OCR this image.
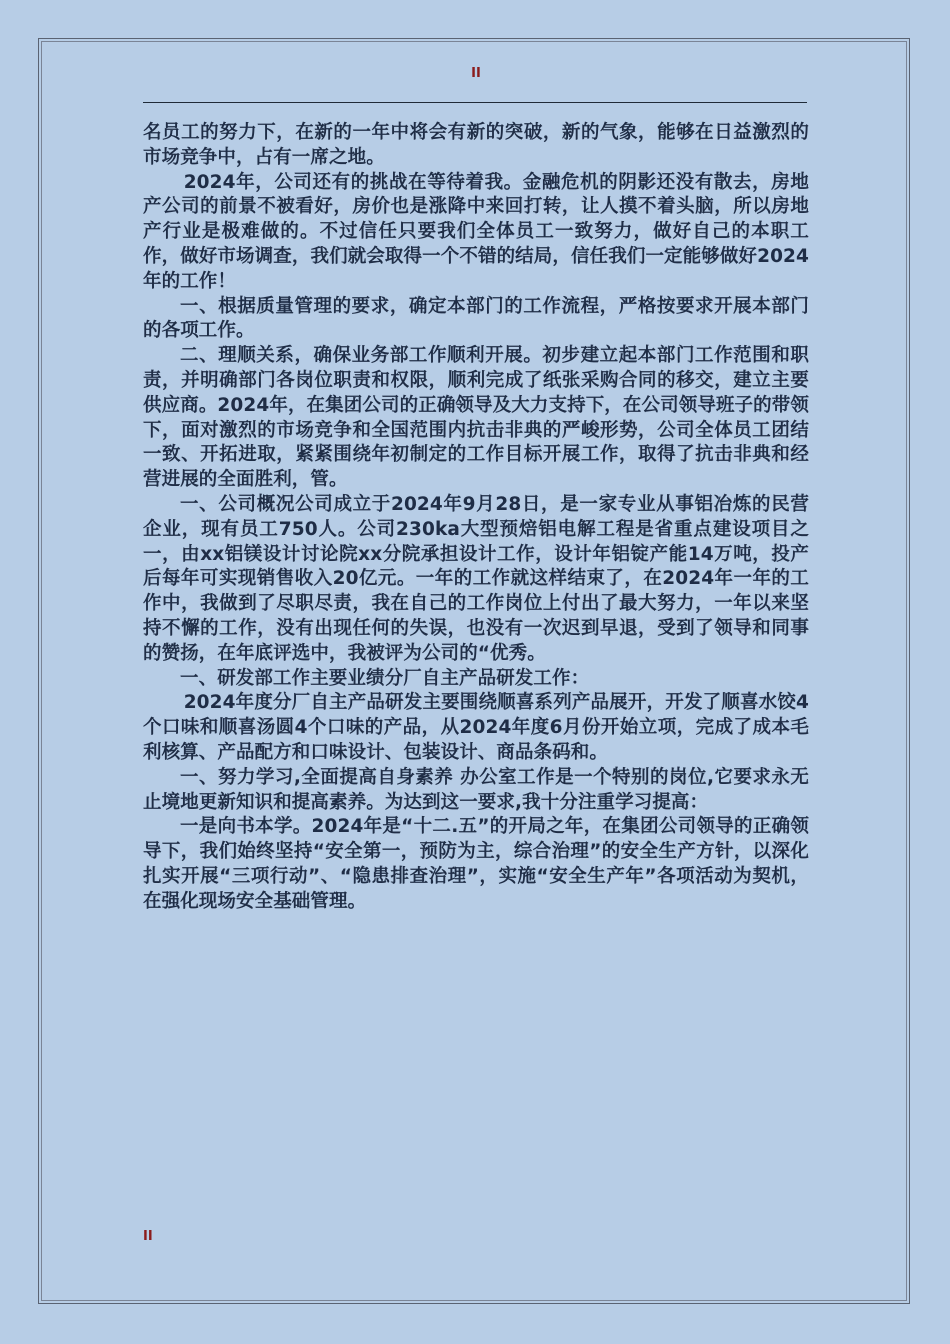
II

名员工的努力下，在新的一年中将会有新的突破，新的气象，能够在日益激烈的市场竞争中，占有一席之地。

2024年，公司还有的挑战在等待着我。金融危机的阴影还没有散去，房地产公司的前景不被看好，房价也是涨降中来回打转，让人摸不着头脑，所以房地产行业是极难做的。不过信任只要我们全体员工一致努力，做好自己的本职工作，做好市场调查，我们就会取得一个不错的结局，信任我们一定能够做好2024年的工作！

一、根据质量管理的要求，确定本部门的工作流程，严格按要求开展本部门的各项工作。

二、理顺关系，确保业务部工作顺利开展。初步建立起本部门工作范围和职责，并明确部门各岗位职责和权限，顺利完成了纸张采购合同的移交，建立主要供应商。2024年，在集团公司的正确领导及大力支持下，在公司领导班子的带领下，面对激烈的市场竞争和全国范围内抗击非典的严峻形势，公司全体员工团结一致、开拓进取，紧紧围绕年初制定的工作目标开展工作，取得了抗击非典和经营进展的全面胜利，管。

一、公司概况公司成立于2024年9月28日，是一家专业从事铝冶炼的民营企业，现有员工750人。公司230ka大型预焙铝电解工程是省重点建设项目之一，由xx铝镁设计讨论院xx分院承担设计工作，设计年铝锭产能14万吨，投产后每年可实现销售收入20亿元。一年的工作就这样结束了，在2024年一年的工作中，我做到了尽职尽责，我在自己的工作岗位上付出了最大努力，一年以来坚持不懈的工作，没有出现任何的失误，也没有一次迟到早退，受到了领导和同事的赞扬，在年底评选中，我被评为公司的“优秀。

一、研发部工作主要业绩分厂自主产品研发工作：

2024年度分厂自主产品研发主要围绕顺喜系列产品展开，开发了顺喜水饺4个口味和顺喜汤圆4个口味的产品，从2024年度6月份开始立项，完成了成本毛利核算、产品配方和口味设计、包装设计、商品条码和。

一、努力学习,全面提高自身素养 办公室工作是一个特别的岗位,它要求永无止境地更新知识和提高素养。为达到这一要求,我十分注重学习提高：

一是向书本学。2024年是“十二.五”的开局之年，在集团公司领导的正确领导下，我们始终坚持“安全第一，预防为主，综合治理”的安全生产方针，以深化扎实开展“三项行动”、“隐患排查治理”，实施“安全生产年”各项活动为契机，在强化现场安全基础管理。

II
